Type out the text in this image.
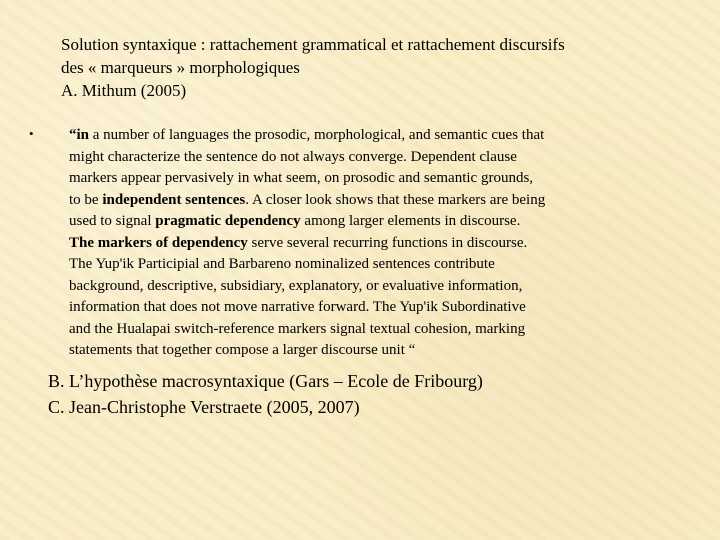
Solution syntaxique : rattachement grammatical et rattachement discursifs
des « marqueurs » morphologiques
A. Mithum (2005)
• “in a number of languages the prosodic, morphological, and semantic cues that
might characterize the sentence do not always converge. Dependent clause
markers appear pervasively in what seem, on prosodic and semantic grounds,
to be independent sentences. A closer look shows that these markers are being
used to signal pragmatic dependency among larger elements in discourse.
The markers of dependency serve several recurring functions in discourse.
The Yup'ik Participial and Barbareno nominalized sentences contribute
background, descriptive, subsidiary, explanatory, or evaluative information,
information that does not move narrative forward. The Yup'ik Subordinative
and the Hualapai switch-reference markers signal textual cohesion, marking
statements that together compose a larger discourse unit “
B. L’hypothèse macrosyntaxique (Gars – Ecole de Fribourg)
C. Jean-Christophe Verstraete (2005, 2007)
